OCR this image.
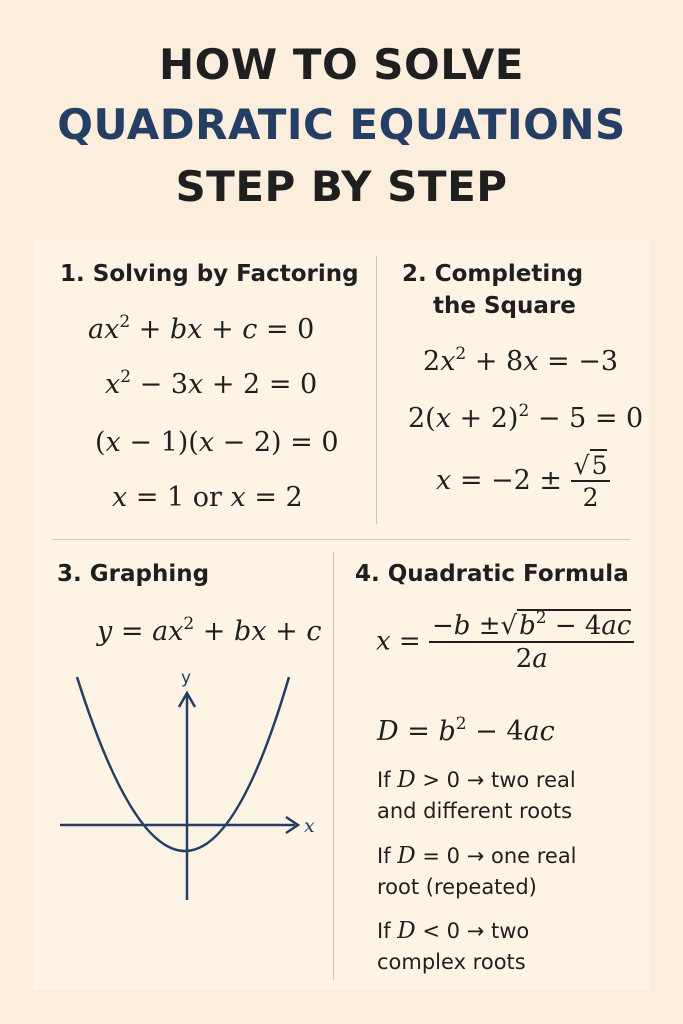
HOW TO SOLVE
QUADRATIC EQUATIONS
STEP BY STEP
1. Solving by Factoring
$ax^2$ + bx + c = 0
$x^2 - 3x + 2 = 0$
(x − 1)(x − 2) = 0
x = 1 or x = 2
2. Completing
the Square
$2x^2 + 8x = -3$
$2(x + 2)^2 - 5 = 0$
$x = -2 \pm \frac{√5}{2}$
3. Graphing
$y = ax^2$ + bx + c
y
x
4. Quadratic Formula
$x = \frac{-b \pm√b^2 - 4ac}{2a}$
$D = b^2 - 4ac$
If D > 0 → two real
and different roots
If D = 0 → one real
root (repeated)
If D < 0 → two
complex roots
